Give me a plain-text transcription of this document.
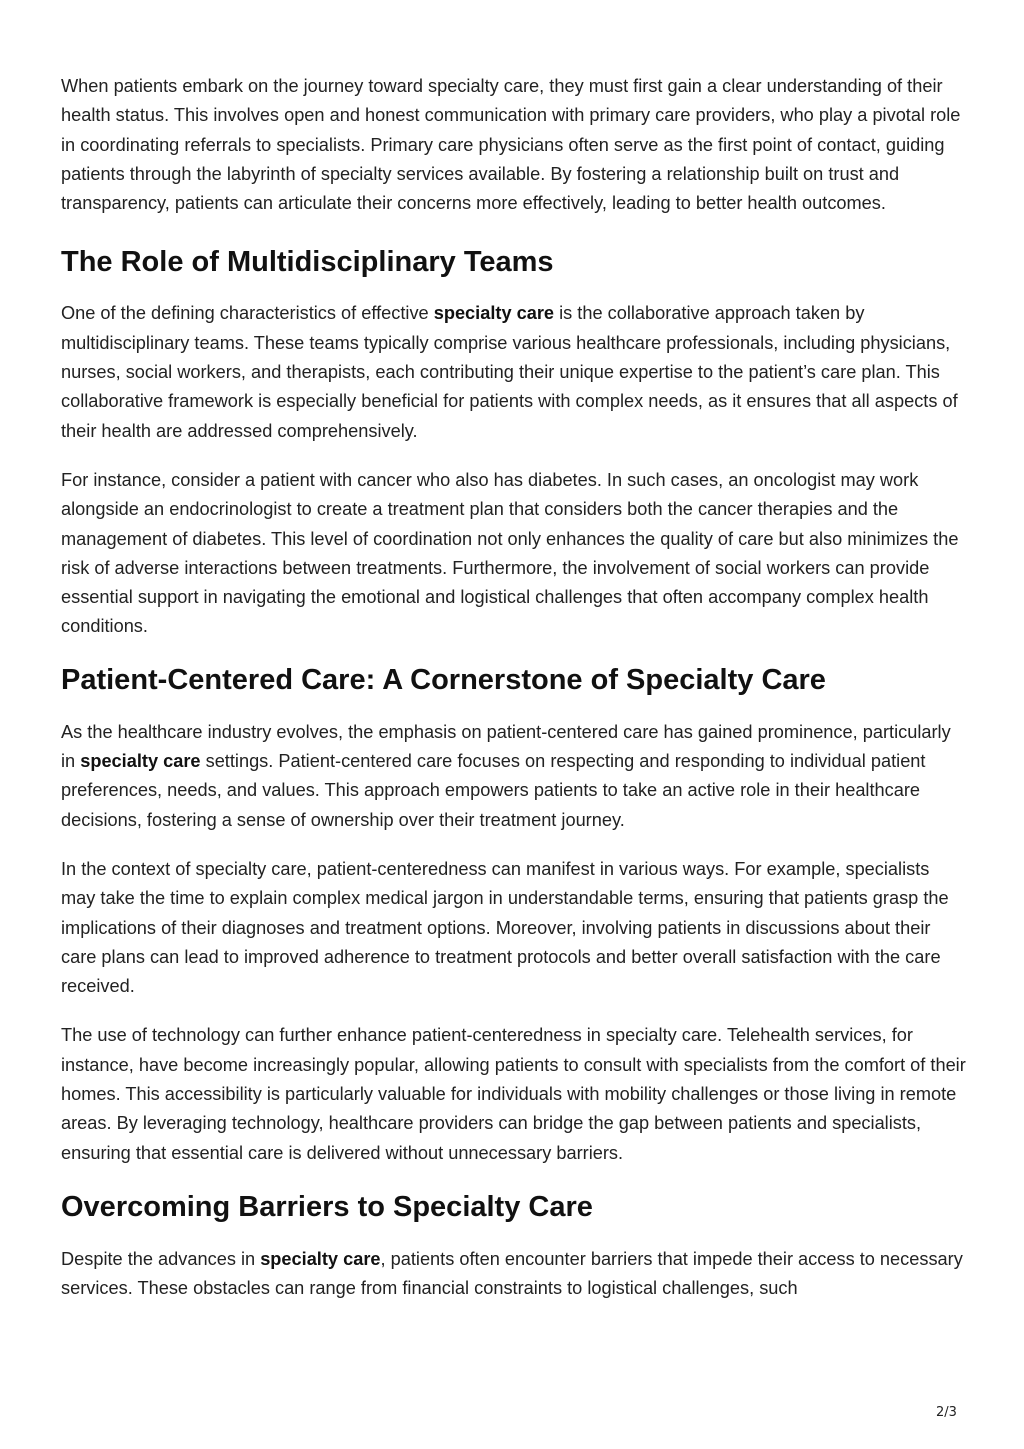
When patients embark on the journey toward specialty care, they must first gain a clear understanding of their health status. This involves open and honest communication with primary care providers, who play a pivotal role in coordinating referrals to specialists. Primary care physicians often serve as the first point of contact, guiding patients through the labyrinth of specialty services available. By fostering a relationship built on trust and transparency, patients can articulate their concerns more effectively, leading to better health outcomes.

The Role of Multidisciplinary Teams

One of the defining characteristics of effective specialty care is the collaborative approach taken by multidisciplinary teams. These teams typically comprise various healthcare professionals, including physicians, nurses, social workers, and therapists, each contributing their unique expertise to the patient’s care plan. This collaborative framework is especially beneficial for patients with complex needs, as it ensures that all aspects of their health are addressed comprehensively.

For instance, consider a patient with cancer who also has diabetes. In such cases, an oncologist may work alongside an endocrinologist to create a treatment plan that considers both the cancer therapies and the management of diabetes. This level of coordination not only enhances the quality of care but also minimizes the risk of adverse interactions between treatments. Furthermore, the involvement of social workers can provide essential support in navigating the emotional and logistical challenges that often accompany complex health conditions.

Patient-Centered Care: A Cornerstone of Specialty Care

As the healthcare industry evolves, the emphasis on patient-centered care has gained prominence, particularly in specialty care settings. Patient-centered care focuses on respecting and responding to individual patient preferences, needs, and values. This approach empowers patients to take an active role in their healthcare decisions, fostering a sense of ownership over their treatment journey.

In the context of specialty care, patient-centeredness can manifest in various ways. For example, specialists may take the time to explain complex medical jargon in understandable terms, ensuring that patients grasp the implications of their diagnoses and treatment options. Moreover, involving patients in discussions about their care plans can lead to improved adherence to treatment protocols and better overall satisfaction with the care received.

The use of technology can further enhance patient-centeredness in specialty care. Telehealth services, for instance, have become increasingly popular, allowing patients to consult with specialists from the comfort of their homes. This accessibility is particularly valuable for individuals with mobility challenges or those living in remote areas. By leveraging technology, healthcare providers can bridge the gap between patients and specialists, ensuring that essential care is delivered without unnecessary barriers.

Overcoming Barriers to Specialty Care

Despite the advances in specialty care, patients often encounter barriers that impede their access to necessary services. These obstacles can range from financial constraints to logistical challenges, such

2/3
